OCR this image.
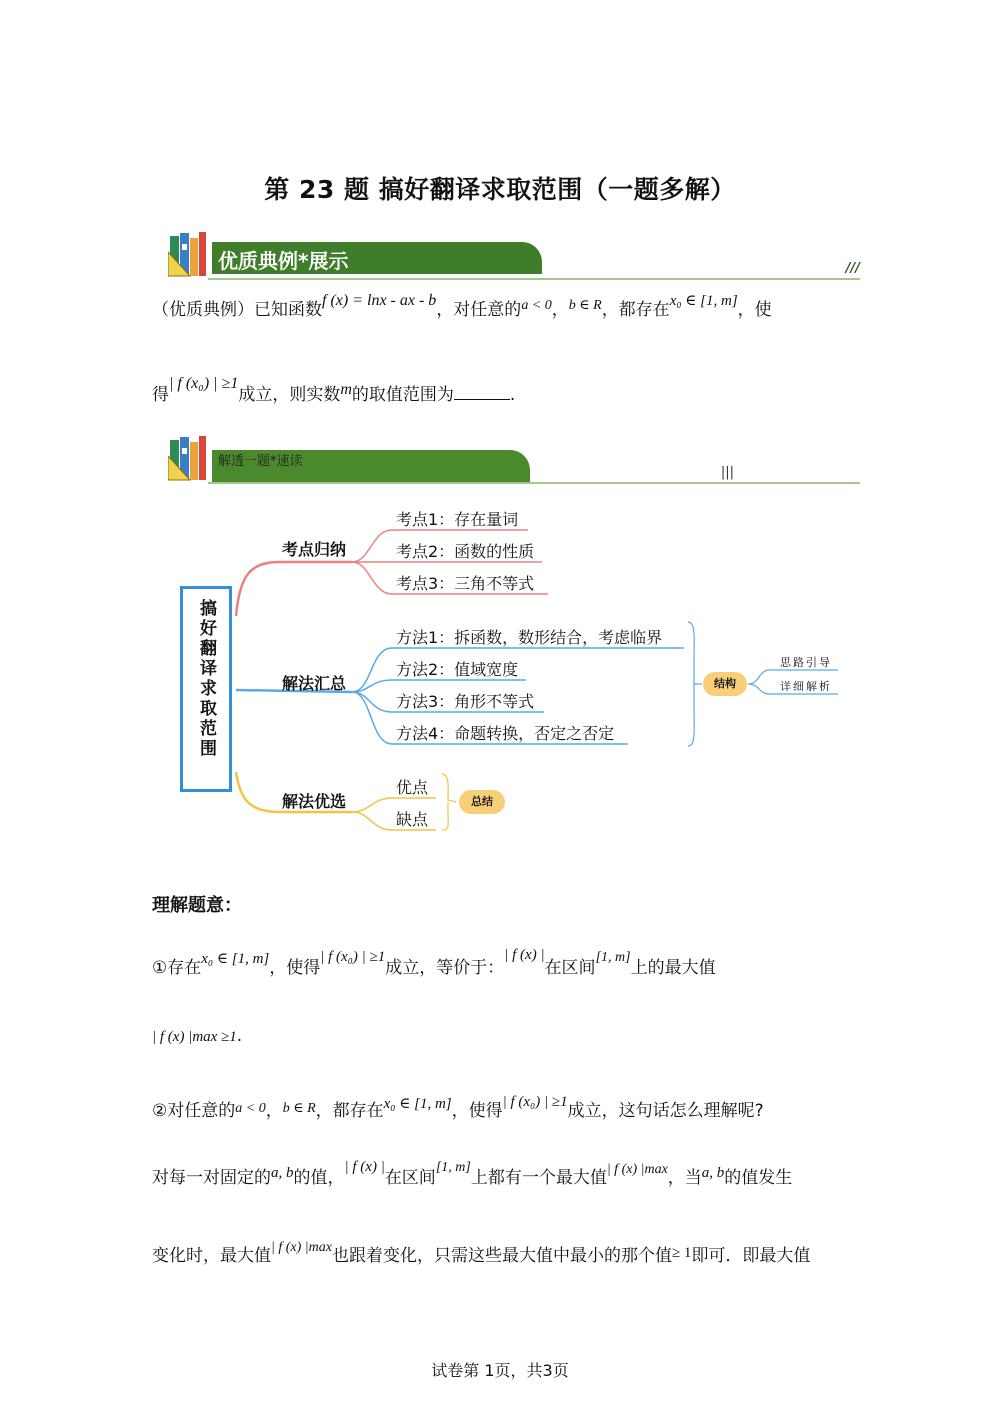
第 23 题 搞好翻译求取范围（一题多解）
优质典例*展示	///
（优质典例）已知函数f (x) = lnx - ax - b，对任意的$^{a < 0}$，$^{b \in R}$，都存在x₀ ∈ [1, m]，使
得| f (x₀) | ≥1成立，则实数m的取值范围为	.
解透一题*速读
|||
搞好翻译求取范围
考点归纳
考点1：存在量词
考点2：函数的性质
考点3：三角不等式
解法汇总
方法1：拆函数，数形结合，考虑临界
方法2：值域宽度
方法3：角形不等式
方法4：命题转换，否定之否定
结构
思路引导
详细解析
解法优选
优点
缺点
总结
理解题意：
①存在x₀ ∈ [1, m]，使得| f (x₀) | ≥1成立，等价于：| f (x) |在区间[1, m]上的最大值
| f (x) |max ≥1.
②对任意的$^{a < 0}$，$^{b \in R}$，都存在x₀ ∈ [1, m]，使得| f (x₀) | ≥1成立，这句话怎么理解呢?
对每一对固定的a, b的值，| f (x) |在区间[1, m]上都有一个最大值$^{| f (x) |max}$，当a, b的值发生
变化时，最大值$^{| f (x) |max}$也跟着变化，只需这些最大值中最小的那个值≥ 1即可．即最大值
试卷第 1页，共3页
